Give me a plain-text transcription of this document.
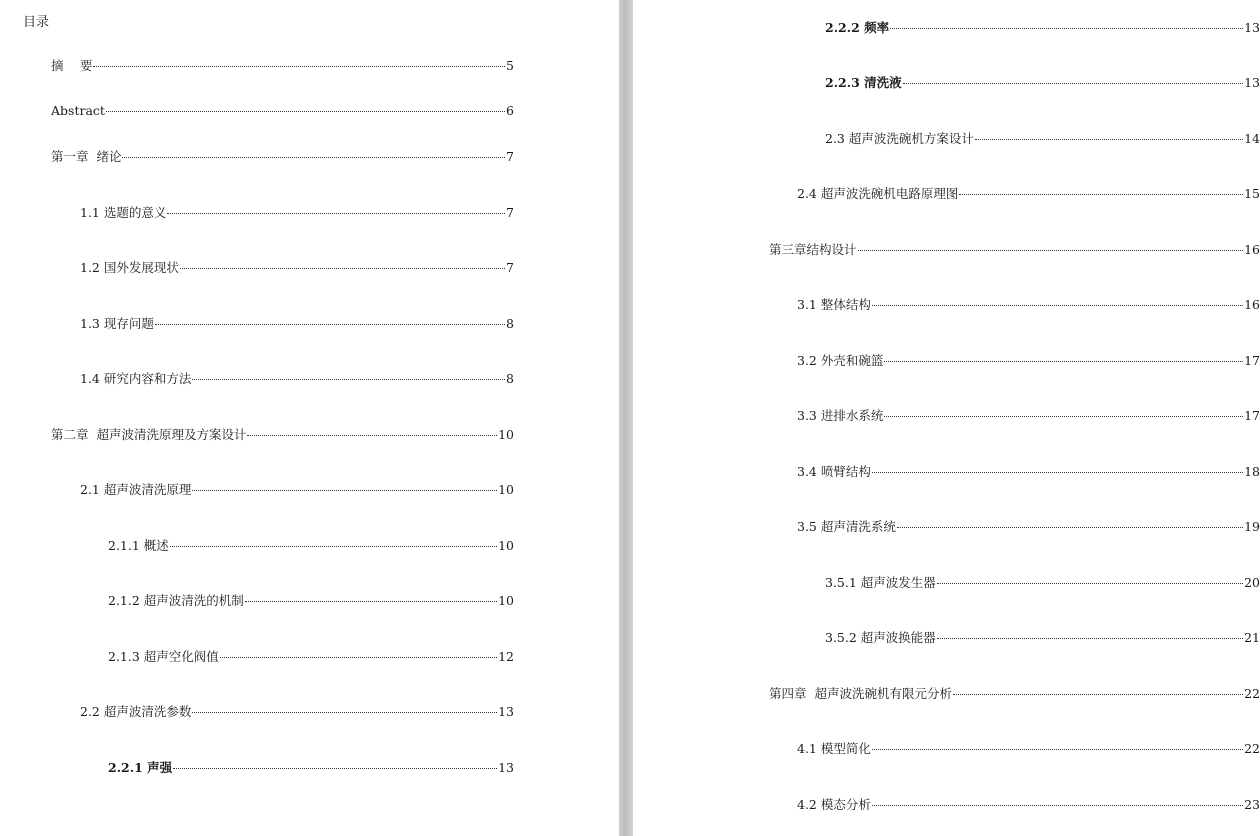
目录
摘　 要	5
Abstract	6
第一章  绪论	7
1.1 选题的意义	7
1.2 国外发展现状	7
1.3 现存问题	8
1.4 研究内容和方法	8
第二章  超声波清洗原理及方案设计	10
2.1 超声波清洗原理	10
2.1.1 概述	10
2.1.2 超声波清洗的机制	10
2.1.3 超声空化阀值	12
2.2 超声波清洗参数	13
2.2.1 声强	13
2.2.2 频率	13
2.2.3 清洗液	13
2.3 超声波洗碗机方案设计	14
2.4 超声波洗碗机电路原理图	15
第三章结构设计	16
3.1 整体结构	16
3.2 外壳和碗篮	17
3.3 进排水系统	17
3.4 喷臂结构	18
3.5 超声清洗系统	19
3.5.1 超声波发生器	20
3.5.2 超声波换能器	21
第四章  超声波洗碗机有限元分析	22
4.1 模型简化	22
4.2 模态分析	23
